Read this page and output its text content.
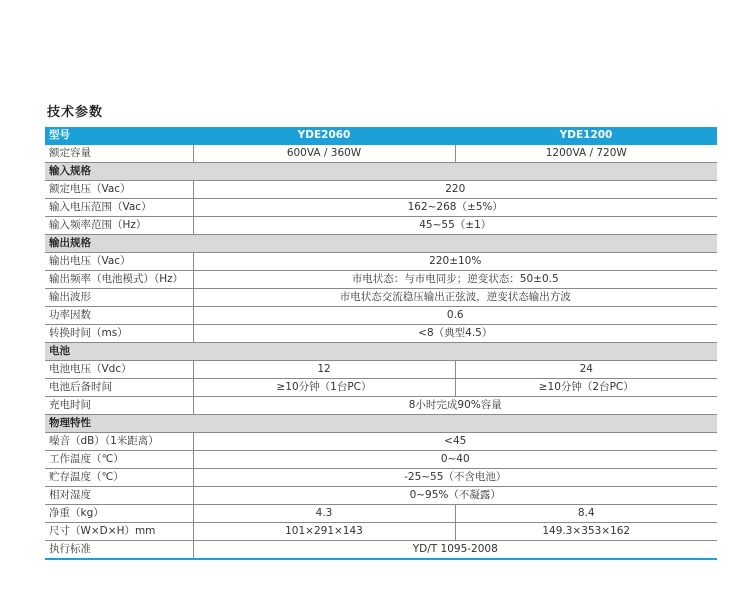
技术参数
型号	YDE2060	YDE1200
额定容量	600VA / 360W	1200VA / 720W
输入规格		
额定电压（Vac）	220	
输入电压范围（Vac）	162~268（±5%）	
输入频率范围（Hz）	45~55（±1）	
输出规格		
输出电压（Vac）	220±10%	
输出频率（电池模式）（Hz）	市电状态：与市电同步；逆变状态：50±0.5	
输出波形	市电状态交流稳压输出正弦波，逆变状态输出方波	
功率因数	0.6	
转换时间（ms）	<8（典型4.5）	
电池		
电池电压（Vdc）	12	24
电池后备时间	≥10分钟（1台PC）	≥10分钟（2台PC）
充电时间	8小时完成90%容量	
物理特性		
噪音（dB）（1米距离）	<45	
工作温度（℃）	0~40	
贮存温度（℃）	-25~55（不含电池）	
相对湿度	0~95%（不凝露）	
净重（kg）	4.3	8.4
尺寸（W×D×H）mm	101×291×143	149.3×353×162
执行标准	YD/T 1095-2008	
